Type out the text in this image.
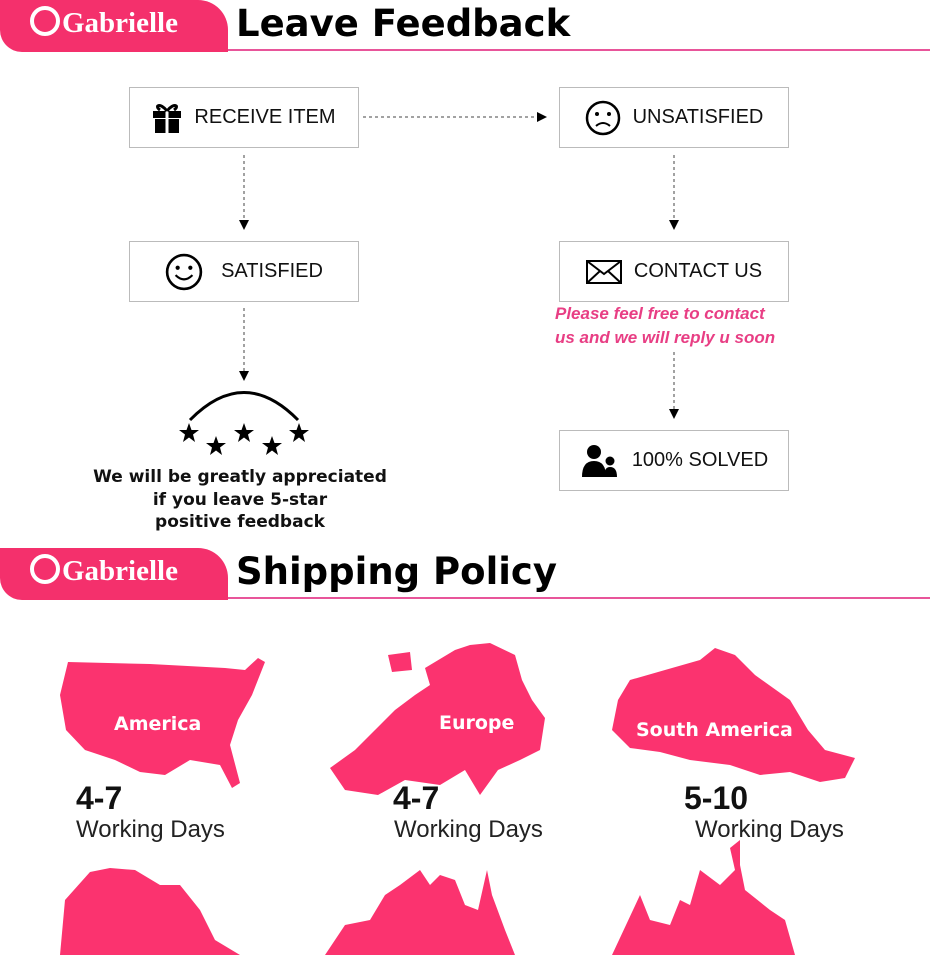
Gabrielle Leave Feedback
RECEIVE ITEM	UNSATISFIED
SATISFIED	CONTACT US
100% SOLVED
Please feel free to contact
us and we will reply u soon
We will be greatly appreciated
if you leave 5-star
positive feedback
Gabrielle Shipping Policy
America	Europe	South America
4-7
Working Days
4-7
Working Days
5-10
Working Days
